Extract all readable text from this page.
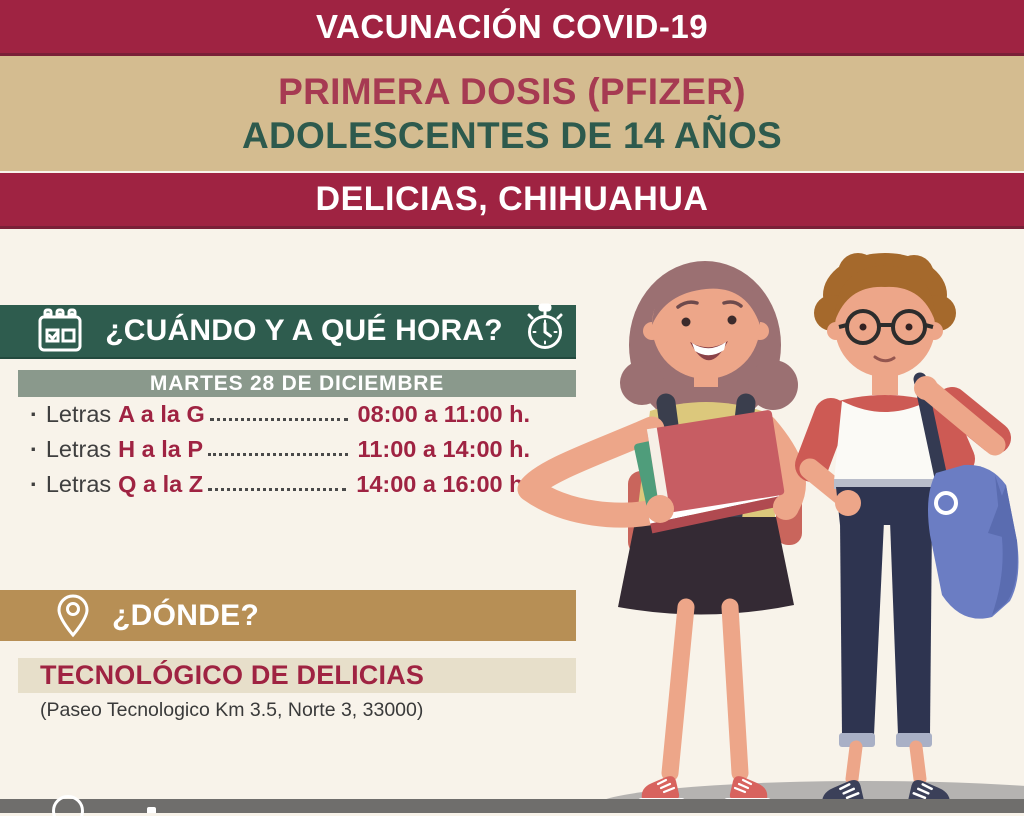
VACUNACIÓN COVID-19
PRIMERA DOSIS (PFIZER)
ADOLESCENTES DE 14 AÑOS
DELICIAS, CHIHUAHUA
¿CUÁNDO Y A QUÉ HORA?
MARTES 28 DE DICIEMBRE
· Letras A a la G	08:00 a 11:00 h.
· Letras H a la P	11:00 a 14:00 h.
· Letras Q a la Z	14:00 a 16:00 h.
¿DÓNDE?
TECNOLÓGICO DE DELICIAS
(Paseo Tecnologico Km 3.5, Norte 3, 33000)
